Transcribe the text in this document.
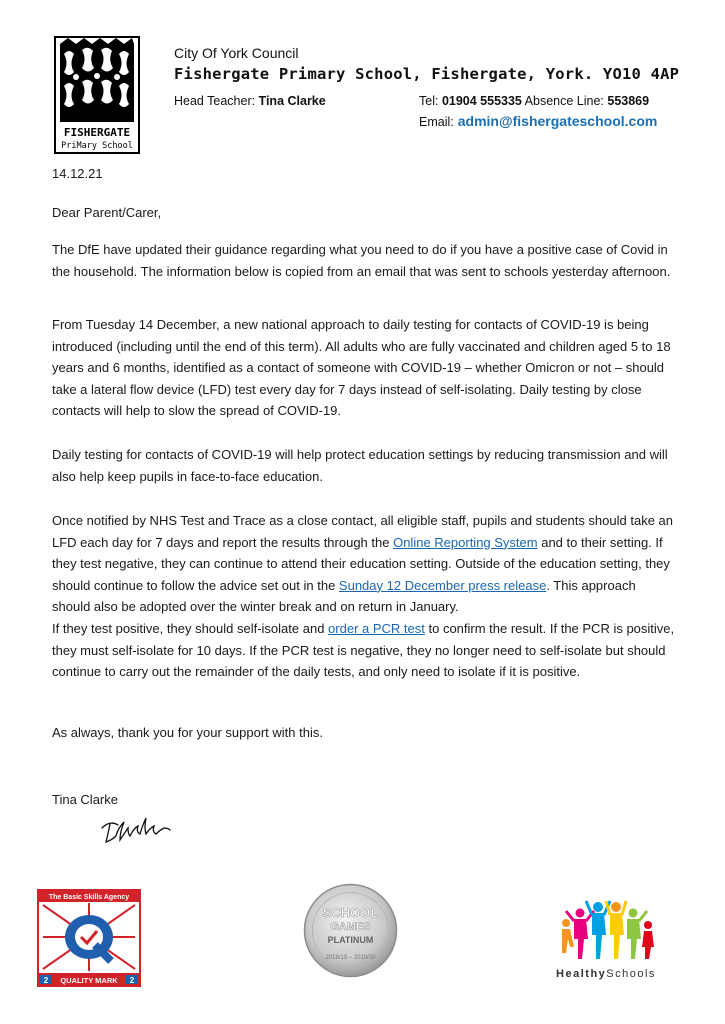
FISHERGATE
PriMary School
City Of York Council
Fishergate Primary School, Fishergate, York. YO10 4AP
Head Teacher: Tina Clarke	Tel: 01904 555335 Absence Line: 553869
Email: admin@fishergateschool.com
14.12.21
Dear Parent/Carer,
The DfE have updated their guidance regarding what you need to do if you have a positive case of Covid in the household. The information below is copied from an email that was sent to schools yesterday afternoon.
From Tuesday 14 December, a new national approach to daily testing for contacts of COVID-19 is being introduced (including until the end of this term). All adults who are fully vaccinated and children aged 5 to 18 years and 6 months, identified as a contact of someone with COVID-19 – whether Omicron or not – should take a lateral flow device (LFD) test every day for 7 days instead of self-isolating. Daily testing by close contacts will help to slow the spread of COVID-19.
Daily testing for contacts of COVID-19 will help protect education settings by reducing transmission and will also help keep pupils in face-to-face education.
Once notified by NHS Test and Trace as a close contact, all eligible staff, pupils and students should take an LFD each day for 7 days and report the results through the Online Reporting System and to their setting. If they test negative, they can continue to attend their education setting. Outside of the education setting, they should continue to follow the advice set out in the Sunday 12 December press release. This approach should also be adopted over the winter break and on return in January.
If they test positive, they should self-isolate and order a PCR test to confirm the result. If the PCR is positive, they must self-isolate for 10 days. If the PCR test is negative, they no longer need to self-isolate but should continue to carry out the remainder of the daily tests, and only need to isolate if it is positive.
As always, thank you for your support with this.
Tina Clarke
The Basic Skills Agency
2	2
QUALITY MARK
SCHOOL
GAMES
PLATINUM
2018/19 – 2019/20
HealthySchools
